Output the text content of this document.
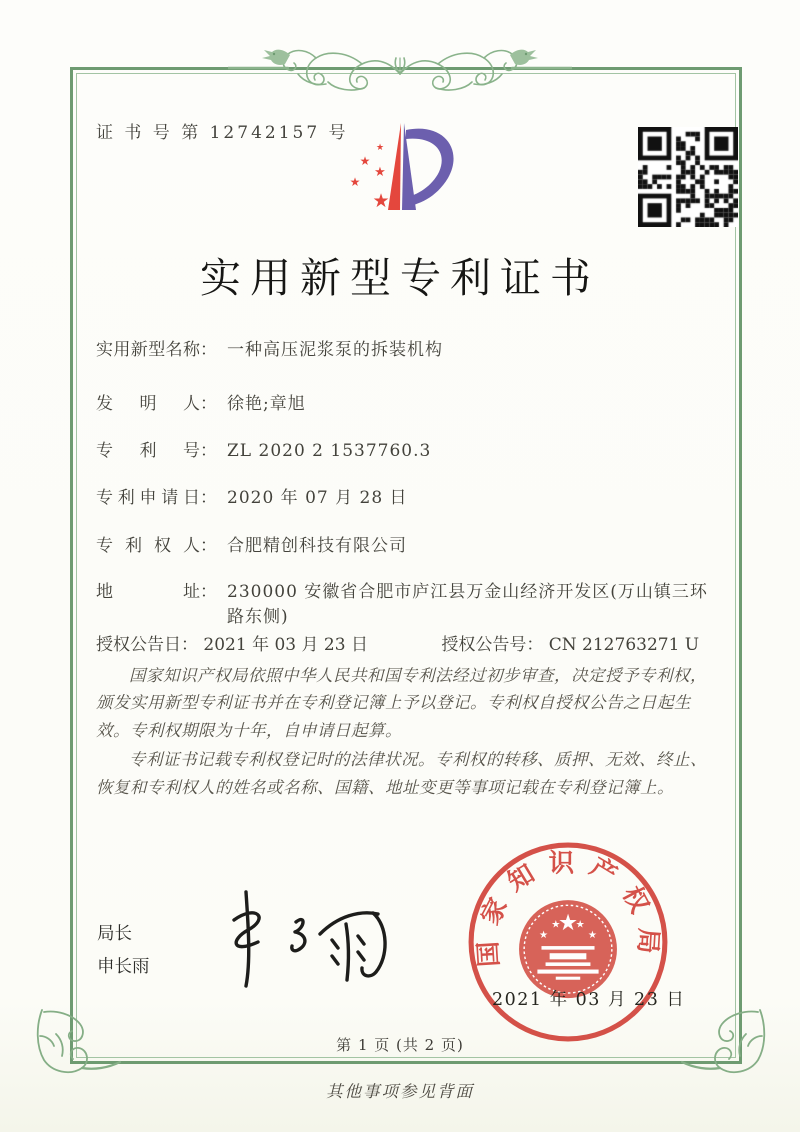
证 书 号 第 12742157 号
★
★
★
★
★
实用新型专利证书
实用新型名称： 一种高压泥浆泵的拆装机构
发明人： 徐艳;章旭
专利号： ZL 2020 2 1537760.3
专利申请日： 2020 年 07 月 28 日
专利权人： 合肥精创科技有限公司
地址： 230000 安徽省合肥市庐江县万金山经济开发区(万山镇三环路东侧)
授权公告日： 2021 年 03 月 23 日	授权公告号： CN 212763271 U

国家知识产权局依照中华人民共和国专利法经过初步审查，决定授予专利权，颁发实用新型专利证书并在专利登记簿上予以登记。专利权自授权公告之日起生效。专利权期限为十年，自申请日起算。

专利证书记载专利权登记时的法律状况。专利权的转移、质押、无效、终止、恢复和专利权人的姓名或名称、国籍、地址变更等事项记载在专利登记簿上。

局长
申长雨	国家知识产权局
★
★
★ ★
★
2021 年 03 月 23 日
第 1 页 (共 2 页)
其他事项参见背面
